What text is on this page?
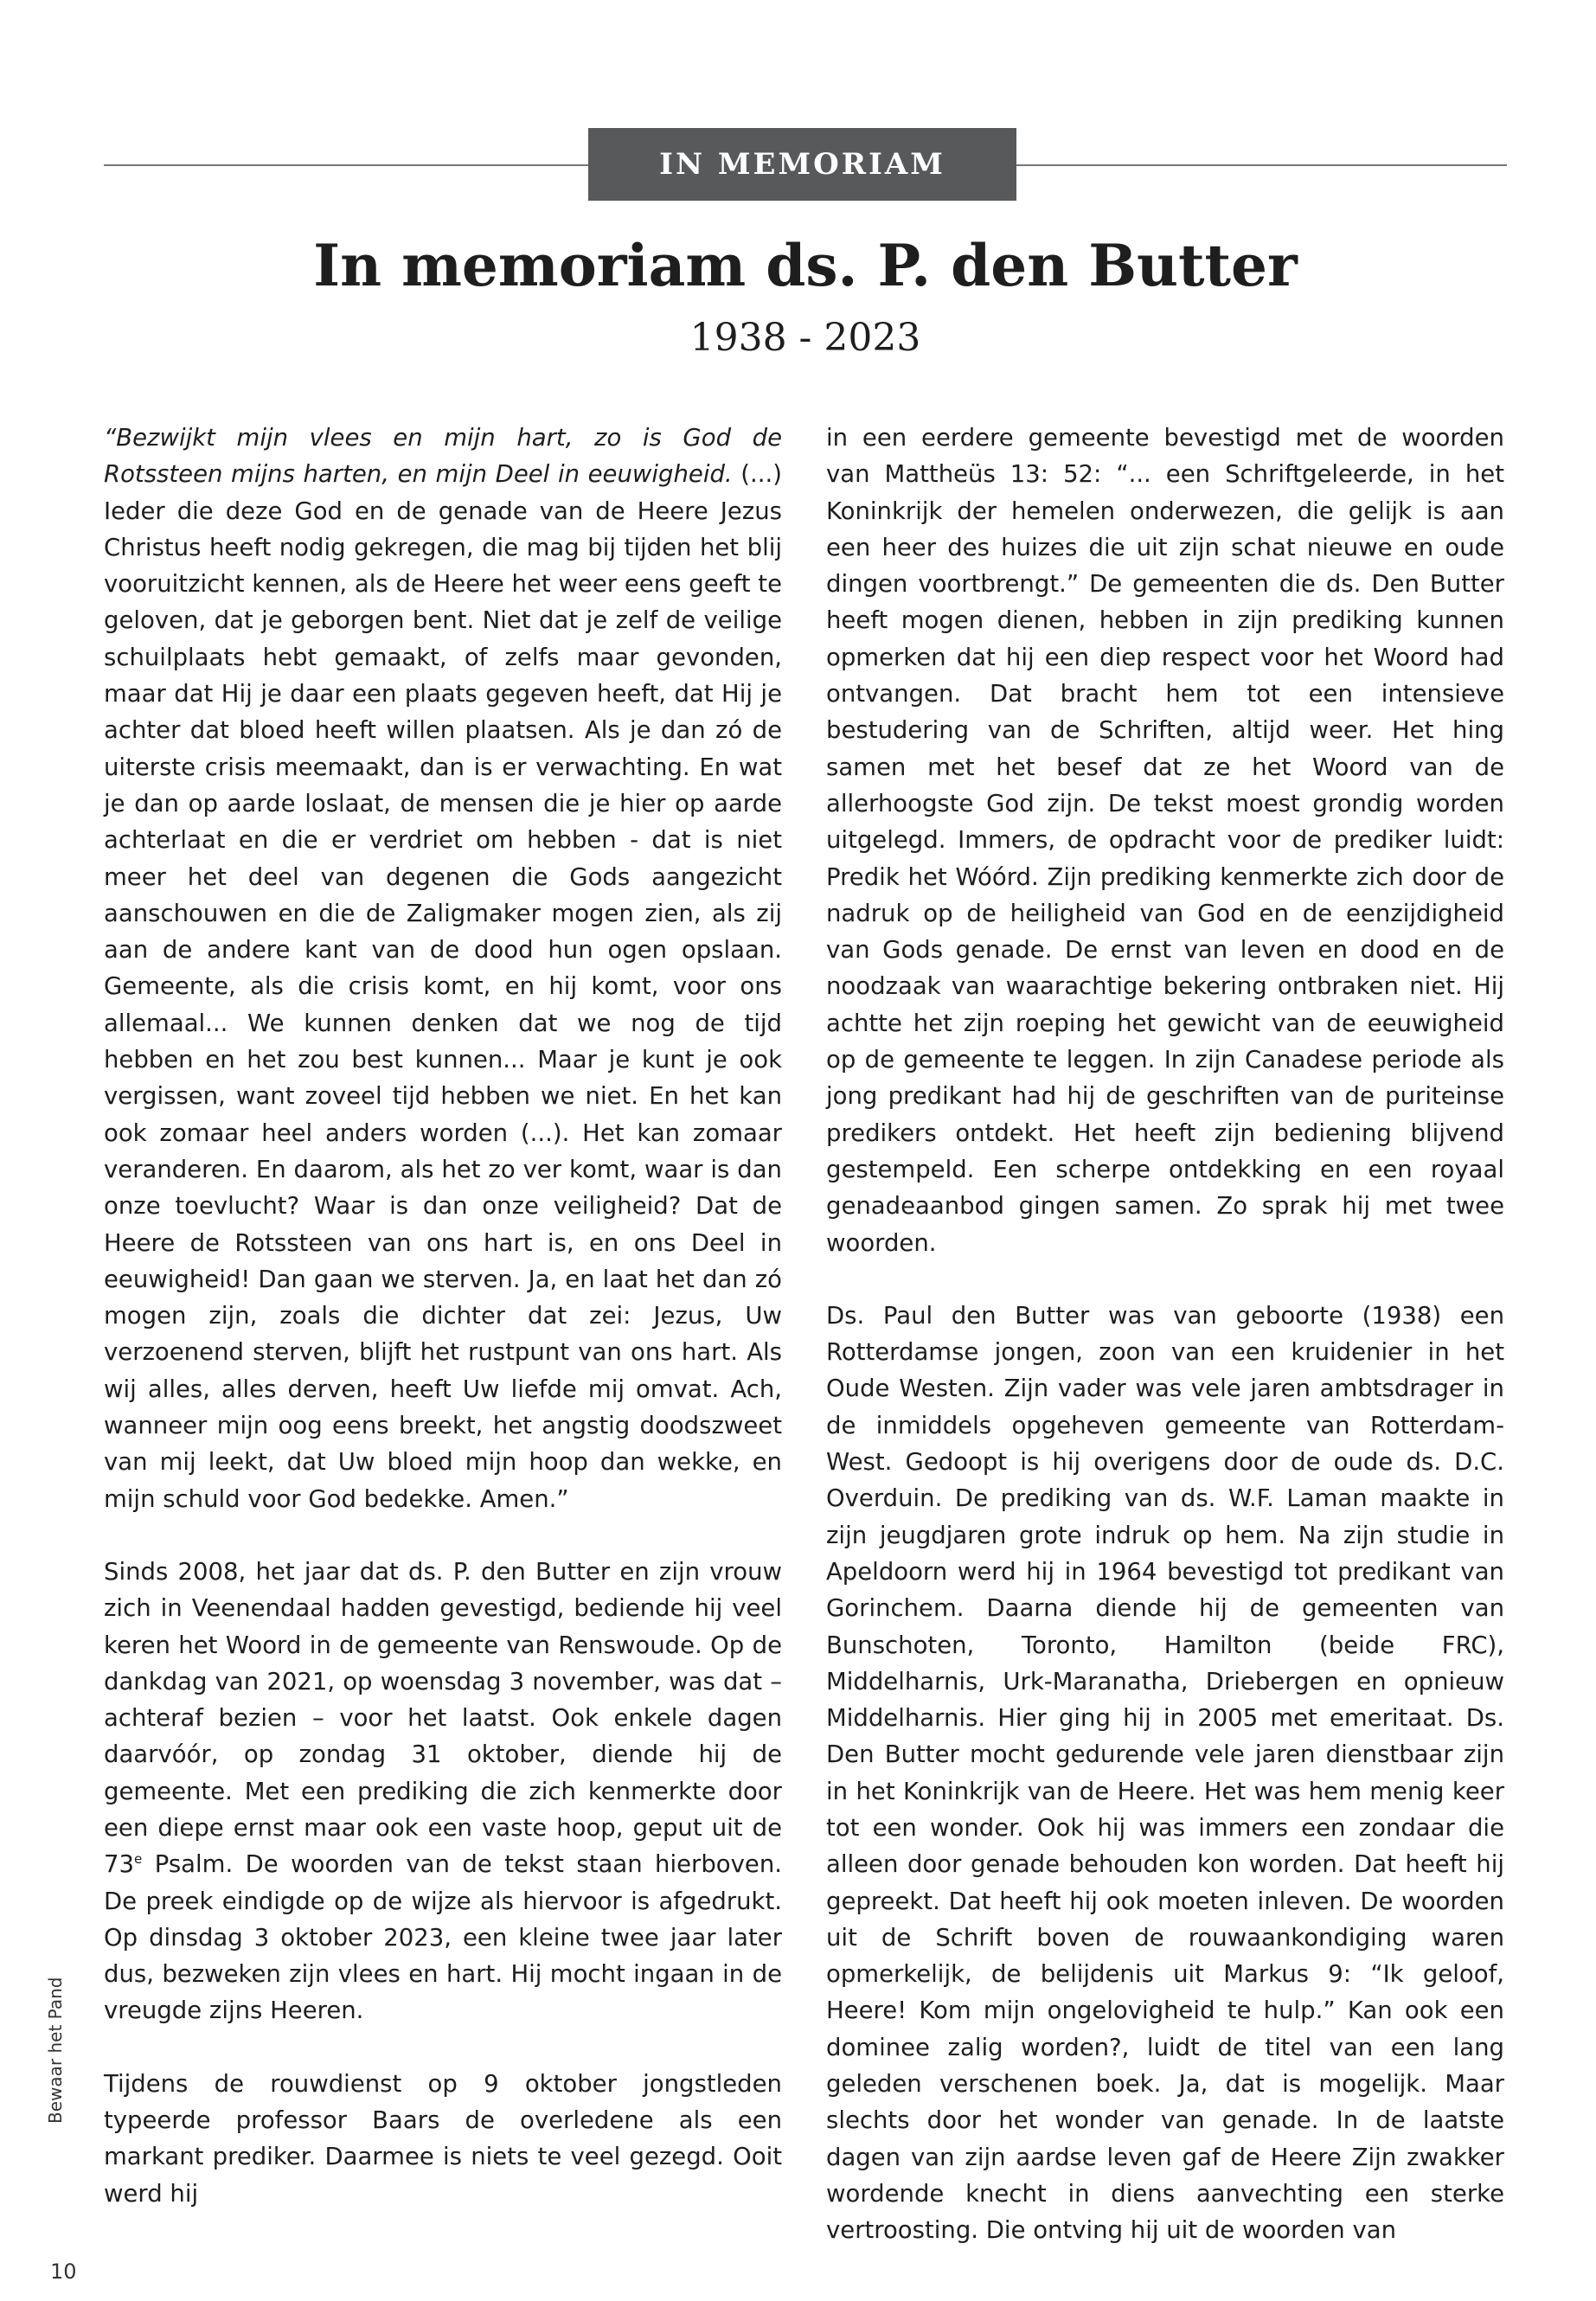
IN MEMORIAM
In memoriam ds. P. den Butter
1938 - 2023

“Bezwijkt mijn vlees en mijn hart, zo is God de Rotssteen mijns harten, en mijn Deel in eeuwigheid. (...) Ieder die deze God en de genade van de Heere Jezus Christus heeft nodig gekregen, die mag bij tijden het blij vooruitzicht kennen, als de Heere het weer eens geeft te geloven, dat je geborgen bent. Niet dat je zelf de veilige schuilplaats hebt gemaakt, of zelfs maar gevonden, maar dat Hij je daar een plaats gegeven heeft, dat Hij je achter dat bloed heeft willen plaatsen. Als je dan zó de uiterste crisis meemaakt, dan is er verwachting. En wat je dan op aarde loslaat, de mensen die je hier op aarde achterlaat en die er verdriet om hebben - dat is niet meer het deel van degenen die Gods aangezicht aanschouwen en die de Zaligmaker mogen zien, als zij aan de andere kant van de dood hun ogen opslaan. Gemeente, als die crisis komt, en hij komt, voor ons allemaal... We kunnen denken dat we nog de tijd hebben en het zou best kunnen... Maar je kunt je ook vergissen, want zoveel tijd hebben we niet. En het kan ook zomaar heel anders worden (...). Het kan zomaar veranderen. En daarom, als het zo ver komt, waar is dan onze toevlucht? Waar is dan onze veiligheid? Dat de Heere de Rotssteen van ons hart is, en ons Deel in eeuwigheid! Dan gaan we sterven. Ja, en laat het dan zó mogen zijn, zoals die dichter dat zei: Jezus, Uw verzoenend sterven, blijft het rustpunt van ons hart. Als wij alles, alles derven, heeft Uw liefde mij omvat. Ach, wanneer mijn oog eens breekt, het angstig doodszweet van mij leekt, dat Uw bloed mijn hoop dan wekke, en mijn schuld voor God bedekke. Amen.”

Sinds 2008, het jaar dat ds. P. den Butter en zijn vrouw zich in Veenendaal hadden gevestigd, bediende hij veel keren het Woord in de gemeente van Renswoude. Op de dankdag van 2021, op woensdag 3 november, was dat – achteraf bezien – voor het laatst. Ook enkele dagen daarvóór, op zondag 31 oktober, diende hij de gemeente. Met een prediking die zich kenmerkte door een diepe ernst maar ook een vaste hoop, geput uit de 73e Psalm. De woorden van de tekst staan hierboven. De preek eindigde op de wijze als hiervoor is afgedrukt. Op dinsdag 3 oktober 2023, een kleine twee jaar later dus, bezweken zijn vlees en hart. Hij mocht ingaan in de vreugde zijns Heeren.

Tijdens de rouwdienst op 9 oktober jongstleden typeerde professor Baars de overledene als een markant prediker. Daarmee is niets te veel gezegd. Ooit werd hij

in een eerdere gemeente bevestigd met de woorden van Mattheüs 13: 52: “... een Schriftgeleerde, in het Koninkrijk der hemelen onderwezen, die gelijk is aan een heer des huizes die uit zijn schat nieuwe en oude dingen voortbrengt.” De gemeenten die ds. Den Butter heeft mogen dienen, hebben in zijn prediking kunnen opmerken dat hij een diep respect voor het Woord had ontvangen. Dat bracht hem tot een intensieve bestudering van de Schriften, altijd weer. Het hing samen met het besef dat ze het Woord van de allerhoogste God zijn. De tekst moest grondig worden uitgelegd. Immers, de opdracht voor de prediker luidt: Predik het Wóórd. Zijn prediking kenmerkte zich door de nadruk op de heiligheid van God en de eenzijdigheid van Gods genade. De ernst van leven en dood en de noodzaak van waarachtige bekering ontbraken niet. Hij achtte het zijn roeping het gewicht van de eeuwigheid op de gemeente te leggen. In zijn Canadese periode als jong predikant had hij de geschriften van de puriteinse predikers ontdekt. Het heeft zijn bediening blijvend gestempeld. Een scherpe ontdekking en een royaal genadeaanbod gingen samen. Zo sprak hij met twee woorden.

Ds. Paul den Butter was van geboorte (1938) een Rotterdamse jongen, zoon van een kruidenier in het Oude Westen. Zijn vader was vele jaren ambtsdrager in de inmiddels opgeheven gemeente van Rotterdam-West. Gedoopt is hij overigens door de oude ds. D.C. Overduin. De prediking van ds. W.F. Laman maakte in zijn jeugdjaren grote indruk op hem. Na zijn studie in Apeldoorn werd hij in 1964 bevestigd tot predikant van Gorinchem. Daarna diende hij de gemeenten van Bunschoten, Toronto, Hamilton (beide FRC), Middelharnis, Urk-Maranatha, Driebergen en opnieuw Middelharnis. Hier ging hij in 2005 met emeritaat. Ds. Den Butter mocht gedurende vele jaren dienstbaar zijn in het Koninkrijk van de Heere. Het was hem menig keer tot een wonder. Ook hij was immers een zondaar die alleen door genade behouden kon worden. Dat heeft hij gepreekt. Dat heeft hij ook moeten inleven. De woorden uit de Schrift boven de rouwaankondiging waren opmerkelijk, de belijdenis uit Markus 9: “Ik geloof, Heere! Kom mijn ongelovigheid te hulp.” Kan ook een dominee zalig worden?, luidt de titel van een lang geleden verschenen boek. Ja, dat is mogelijk. Maar slechts door het wonder van genade. In de laatste dagen van zijn aardse leven gaf de Heere Zijn zwakker wordende knecht in diens aanvechting een sterke vertroosting. Die ontving hij uit de woorden van

Bewaar het Pand
10
